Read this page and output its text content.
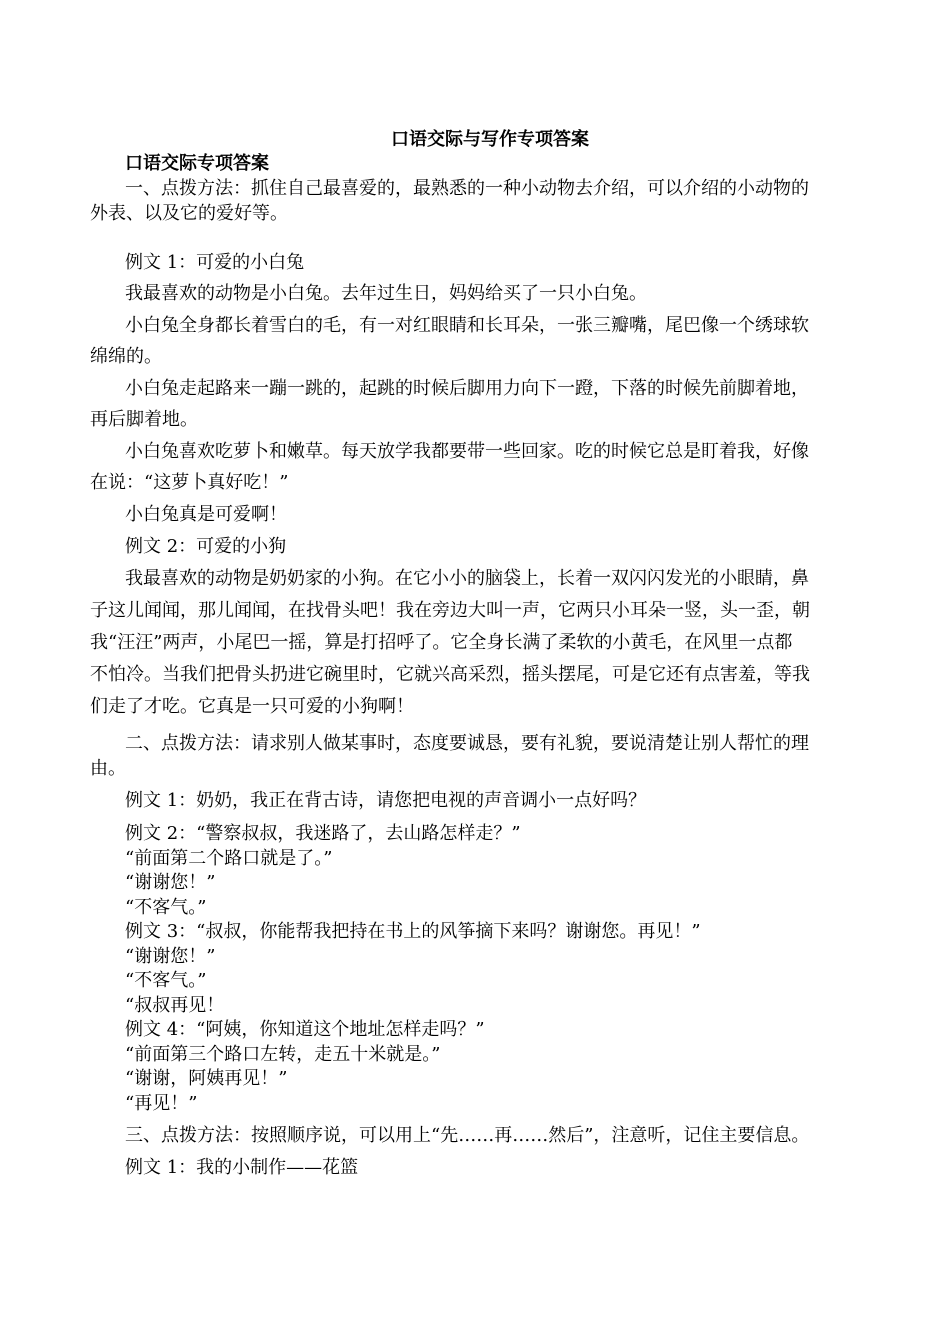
口语交际与写作专项答案
口语交际专项答案
一、点拨方法：抓住自己最喜爱的，最熟悉的一种小动物去介绍，可以介绍的小动物的
外表、以及它的爱好等。
例文 1：可爱的小白兔
我最喜欢的动物是小白兔。去年过生日，妈妈给买了一只小白兔。
小白兔全身都长着雪白的毛，有一对红眼睛和长耳朵，一张三瓣嘴，尾巴像一个绣球软
绵绵的。
小白兔走起路来一蹦一跳的，起跳的时候后脚用力向下一蹬，下落的时候先前脚着地，
再后脚着地。
小白兔喜欢吃萝卜和嫩草。每天放学我都要带一些回家。吃的时候它总是盯着我，好像
在说：“这萝卜真好吃！”
小白兔真是可爱啊！
例文 2：可爱的小狗
我最喜欢的动物是奶奶家的小狗。在它小小的脑袋上，长着一双闪闪发光的小眼睛，鼻
子这儿闻闻，那儿闻闻，在找骨头吧！我在旁边大叫一声，它两只小耳朵一竖，头一歪，朝
我“汪汪”两声，小尾巴一摇，算是打招呼了。它全身长满了柔软的小黄毛，在风里一点都
不怕冷。当我们把骨头扔进它碗里时，它就兴高采烈，摇头摆尾，可是它还有点害羞，等我
们走了才吃。它真是一只可爱的小狗啊！
二、点拨方法：请求别人做某事时，态度要诚恳，要有礼貌，要说清楚让别人帮忙的理
由。
例文 1：奶奶，我正在背古诗，请您把电视的声音调小一点好吗？
例文 2：“警察叔叔，我迷路了，去山路怎样走？”
“前面第二个路口就是了。”
“谢谢您！”
“不客气。”
例文 3：“叔叔，你能帮我把持在书上的风筝摘下来吗？谢谢您。再见！”
“谢谢您！”
“不客气。”
“叔叔再见！
例文 4：“阿姨，你知道这个地址怎样走吗？”
“前面第三个路口左转，走五十米就是。”
“谢谢，阿姨再见！”
“再见！”
三、点拨方法：按照顺序说，可以用上“先……再……然后”，注意听，记住主要信息。
例文 1：我的小制作——花篮
